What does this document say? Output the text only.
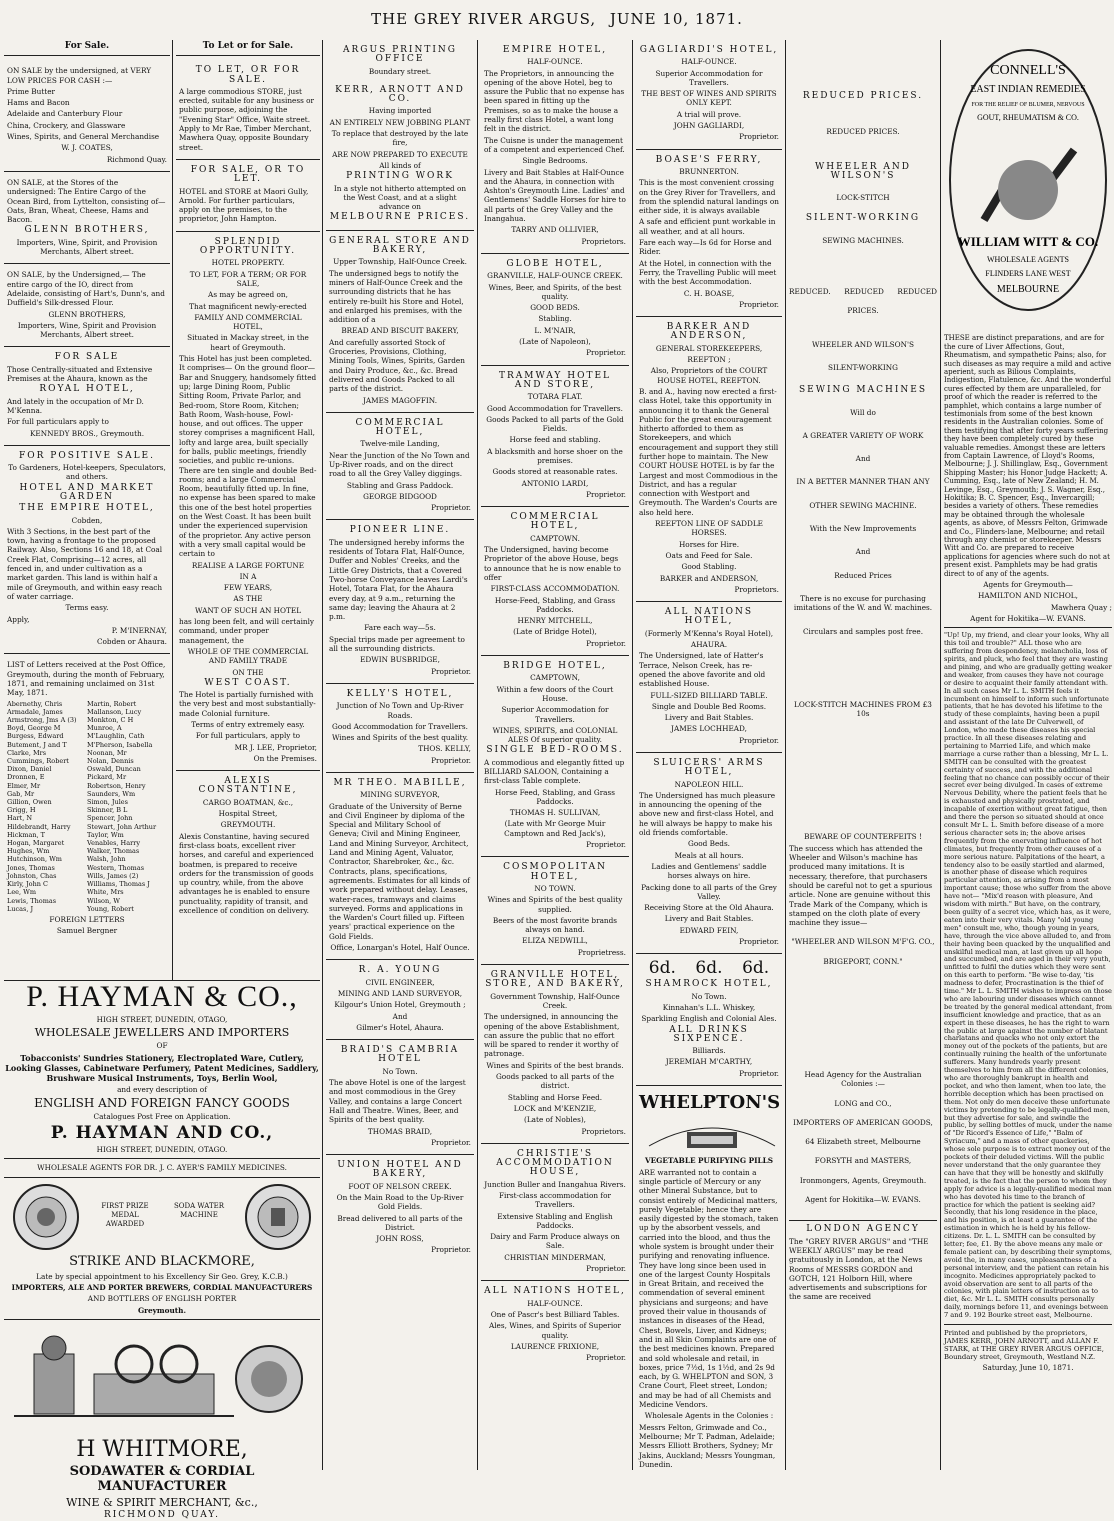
THE GREY RIVER ARGUS, JUNE 10, 1871.
For Sale.

ON SALE by the undersigned, at VERY LOW PRICES FOR CASH :—

Prime Butter

Hams and Bacon

Adelaide and Canterbury Flour

China, Crockery, and Glassware

Wines, Spirits, and General Merchandise

W. J. COATES,

Richmond Quay.

ON SALE, at the Stores of the undersigned: The Entire Cargo of the Ocean Bird, from Lyttelton, consisting of— Oats, Bran, Wheat, Cheese, Hams and Bacon.

GLENN BROTHERS,

Importers, Wine, Spirit, and Provision Merchants, Albert street.

ON SALE, by the Undersigned,— The entire cargo of the IO, direct from Adelaide, consisting of Hart's, Dunn's, and Duffield's Silk-dressed Flour.

GLENN BROTHERS,

Importers, Wine, Spirit and Provision Merchants, Albert street.

FOR SALE

Those Centrally-situated and Extensive Premises at the Ahaura, known as the

ROYAL HOTEL,

And lately in the occupation of Mr D. M'Kenna.

For full particulars apply to

KENNEDY BROS., Greymouth.

FOR POSITIVE SALE.

To Gardeners, Hotel-keepers, Speculators, and others.

HOTEL AND MARKET GARDEN

THE EMPIRE HOTEL,

Cobden,

With 3 Sections, in the best part of the town, having a frontage to the proposed Railway. Also, Sections 16 and 18, at Coal Creek Flat, Comprising—12 acres, all fenced in, and under cultivation as a market garden. This land is within half a mile of Greymouth, and within easy reach of water carriage.

Terms easy.

Apply,

P. M'INERNAY,

Cobden or Ahaura.

LIST of Letters received at the Post Office, Greymouth, during the month of February, 1871, and remaining unclaimed on 31st May, 1871.

Abernethy, Chris
Armadale, James
Armstrong, Jms A (3)
Boyd, George M
Burgess, Edward
Butement, J and T
Clarke, Mrs
Cummings, Robert
Dixon, Daniel
Dronnen, E
Elmer, Mr
Gab, Mr
Gillion, Owen
Grigg, H
Hart, N
Hildebrandt, Harry
Hickman, T
Hogan, Margaret
Hughes, Wm
Hutchinson, Wm
Jones, Thomas
Johnston, Chas
Kirly, John C
Lee, Wm
Lewis, Thomas
Lucas, J
Martin, Robert
Mallanson, Lucy
Monkton, C H
Munroe, A
M'Laughlin, Cath
M'Pherson, Isabella
Noonan, Mr
Nolan, Dennis
Oswald, Duncan
Pickard, Mr
Robertson, Henry
Saunders, Wm
Simon, Jules
Skinner, B L
Spencer, John
Stewart, John Arthur
Taylor, Wm
Venables, Harry
Walker, Thomas
Walsh, John
Western, Thomas
Wills, James (2)
Williams, Thomas J
White, Mrs
Wilson, W
Young, Robert

FOREIGN LETTERS

Samuel Bergner

To Let or for Sale.

TO LET, OR FOR SALE.

A large commodious STORE, just erected, suitable for any business or public purpose, adjoining the "Evening Star" Office, Waite street. Apply to Mr Rae, Timber Merchant, Mawhera Quay, opposite Boundary street.

FOR SALE, OR TO LET.

HOTEL and STORE at Maori Gully, Arnold. For further particulars, apply on the premises, to the proprietor, John Hampton.

SPLENDID OPPORTUNITY.

HOTEL PROPERTY.

TO LET, FOR A TERM; OR FOR SALE,

As may be agreed on,

That magnificent newly-erected

FAMILY AND COMMERCIAL HOTEL,

Situated in Mackay street, in the heart of Greymouth.

This Hotel has just been completed. It comprises— On the ground floor—Bar and Snuggery, handsomely fitted up; large Dining Room, Public Sitting Room, Private Parlor, and Bed-room, Store Room, Kitchen; Bath Room, Wash-house, Fowl-house, and out offices. The upper storey comprises a magnificent Hall, lofty and large area, built specially for balls, public meetings, friendly societies, and public re-unions. There are ten single and double Bed-rooms; and a large Commercial Room, beautifully fitted up. In fine, no expense has been spared to make this one of the best hotel properties on the West Coast. It has been built under the experienced supervision of the proprietor. Any active person with a very small capital would be certain to

REALISE A LARGE FORTUNE

IN A

FEW YEARS,

AS THE

WANT OF SUCH AN HOTEL

has long been felt, and will certainly command, under proper management, the

WHOLE OF THE COMMERCIAL AND FAMILY TRADE

ON THE

WEST COAST.

The Hotel is partially furnished with the very best and most substantially-made Colonial furniture.

Terms of entry extremely easy.

For full particulars, apply to

MR J. LEE, Proprietor,

On the Premises.

ALEXIS CONSTANTINE,

CARGO BOATMAN, &c.,

Hospital Street,

GREYMOUTH.

Alexis Constantine, having secured first-class boats, excellent river horses, and careful and experienced boatmen, is prepared to receive orders for the transmission of goods up country, while, from the above advantages he is enabled to ensure punctuality, rapidity of transit, and excellence of condition on delivery.

P. HAYMAN & CO.,

HIGH STREET, DUNEDIN, OTAGO,

WHOLESALE JEWELLERS AND IMPORTERS

OF

Tobacconists' Sundries Stationery, Electroplated Ware, Cutlery, Looking Glasses, Cabinetware Perfumery, Patent Medicines, Saddlery, Brushware Musical Instruments, Toys, Berlin Wool,

and every description of

ENGLISH AND FOREIGN FANCY GOODS

Catalogues Post Free on Application.

P. HAYMAN AND CO.,

HIGH STREET, DUNEDIN, OTAGO.

WHOLESALE AGENTS FOR DR. J. C. AYER'S FAMILY MEDICINES.

FIRST PRIZE MEDAL AWARDED
SODA WATER MACHINE

STRIKE AND BLACKMORE,

Late by special appointment to his Excellency Sir Geo. Grey, K.C.B.)

IMPORTERS, ALE AND PORTER BREWERS, CORDIAL MANUFACTURERS

AND BOTTLERS OF ENGLISH PORTER

Greymouth.

H WHITMORE,

SODAWATER & CORDIAL MANUFACTURER

WINE & SPIRIT MERCHANT, &c.,

RICHMOND QUAY.

ARGUS PRINTING OFFICE

Boundary street.

KERR, ARNOTT AND CO.

Having imported

AN ENTIRELY NEW JOBBING PLANT

To replace that destroyed by the late fire,

ARE NOW PREPARED TO EXECUTE

All kinds of

PRINTING WORK

In a style not hitherto attempted on the West Coast, and at a slight advance on

MELBOURNE PRICES.

GENERAL STORE AND BAKERY,

Upper Township, Half-Ounce Creek.

The undersigned begs to notify the miners of Half-Ounce Creek and the surrounding districts that he has entirely re-built his Store and Hotel, and enlarged his premises, with the addition of a

BREAD AND BISCUIT BAKERY,

And carefully assorted Stock of Groceries, Provisions, Clothing, Mining Tools, Wines, Spirits, Garden and Dairy Produce, &c., &c. Bread delivered and Goods Packed to all parts of the district.

JAMES MAGOFFIN.

COMMERCIAL HOTEL,

Twelve-mile Landing,

Near the Junction of the No Town and Up-River roads, and on the direct road to all the Grey Valley diggings.

Stabling and Grass Paddock.

GEORGE BIDGOOD

Proprietor.

PIONEER LINE.

The undersigned hereby informs the residents of Totara Flat, Half-Ounce, Duffer and Nobles' Creeks, and the Little Grey Districts, that a Covered Two-horse Conveyance leaves Lardi's Hotel, Totara Flat, for the Ahaura every day, at 9 a.m., returning the same day; leaving the Ahaura at 2 p.m.

Fare each way—5s.

Special trips made per agreement to all the surrounding districts.

EDWIN BUSBRIDGE,

Proprietor.

KELLY'S HOTEL,

Junction of No Town and Up-River Roads.

Good Accommodation for Travellers.

Wines and Spirits of the best quality.

THOS. KELLY,

Proprietor.

MR THEO. MABILLE,

MINING SURVEYOR,

Graduate of the University of Berne and Civil Engineer by diploma of the Special and Military School of Geneva; Civil and Mining Engineer, Land and Mining Surveyor, Architect, Land and Mining Agent, Valuator, Contractor, Sharebroker, &c., &c. Contracts, plans, specifications, agreements. Estimates for all kinds of work prepared without delay. Leases, water-races, tramways and claims surveyed. Forms and applications in the Warden's Court filled up. Fifteen years' practical experience on the Gold Fields.

Office, Lonargan's Hotel, Half Ounce.

R. A. YOUNG

CIVIL ENGINEER,

MINING AND LAND SURVEYOR,

Kilgour's Union Hotel, Greymouth ;

And

Gilmer's Hotel, Ahaura.

BRAID'S CAMBRIA HOTEL

No Town.

The above Hotel is one of the largest and most commodious in the Grey Valley, and contains a large Concert Hall and Theatre. Wines, Beer, and Spirits of the best quality.

THOMAS BRAID,

Proprietor.

UNION HOTEL AND BAKERY,

FOOT OF NELSON CREEK.

On the Main Road to the Up-River Gold Fields.

Bread delivered to all parts of the District.

JOHN ROSS,

Proprietor.

EMPIRE HOTEL,

HALF-OUNCE.

The Proprietors, in announcing the opening of the above Hotel, beg to assure the Public that no expense has been spared in fitting up the Premises, so as to make the house a really first class Hotel, a want long felt in the district.

The Cuisne is under the management of a competent and experienced Chef.

Single Bedrooms.

Livery and Bait Stables at Half-Ounce and the Ahaura, in connection with Ashton's Greymouth Line. Ladies' and Gentlemens' Saddle Horses for hire to all parts of the Grey Valley and the Inangahua.

TARRY AND OLLIVIER,

Proprietors.

GLOBE HOTEL,

GRANVILLE, HALF-OUNCE CREEK.

Wines, Beer, and Spirits, of the best quality.

GOOD BEDS.

Stabling.

L. M'NAIR,

(Late of Napoleon),

Proprietor.

TRAMWAY HOTEL AND STORE,

TOTARA FLAT.

Good Accommodation for Travellers.

Goods Packed to all parts of the Gold Fields.

Horse feed and stabling.

A blacksmith and horse shoer on the premises.

Goods stored at reasonable rates.

ANTONIO LARDI,

Proprietor.

COMMERCIAL HOTEL,

CAMPTOWN.

The Undersigned, having become Proprietor of the above House, begs to announce that he is now enable to offer

FIRST-CLASS ACCOMMODATION.

Horse-Feed, Stabling, and Grass Paddocks.

HENRY MITCHELL,

(Late of Bridge Hotel),

Proprietor.

BRIDGE HOTEL,

CAMPTOWN,

Within a few doors of the Court House.

Superior Accommodation for Travellers.

WINES, SPIRITS, and COLONIAL ALES Of superior quality.

SINGLE BED-ROOMS.

A commodious and elegantly fitted up BILLIARD SALOON, Containing a first-class Table complete.

Horse Feed, Stabling, and Grass Paddocks.

THOMAS H. SULLIVAN,

(Late with Mr George Muir Camptown and Red Jack's),

Proprietor.

COSMOPOLITAN HOTEL,

NO TOWN.

Wines and Spirits of the best quality supplied.

Beers of the most favorite brands always on hand.

ELIZA NEDWILL,

Proprietress.

GRANVILLE HOTEL, STORE, AND BAKERY,

Government Township, Half-Ounce Creek.

The undersigned, in announcing the opening of the above Establishment, can assure the public that no effort will be spared to render it worthy of patronage.

Wines and Spirits of the best brands.

Goods packed to all parts of the district.

Stabling and Horse Feed.

LOCK and M'KENZIE,

(Late of Nobles),

Proprietors.

CHRISTIE'S ACCOMMODATION HOUSE,

Junction Buller and Inangahua Rivers.

First-class accommodation for Travellers.

Extensive Stabling and English Paddocks.

Dairy and Farm Produce always on Sale.

CHRISTIAN MINDERMAN,

Proprietor.

ALL NATIONS HOTEL,

HALF-OUNCE.

One of Pascr's best Billiard Tables.

Ales, Wines, and Spirits of Superior quality.

LAURENCE FRIXIONE,

Proprietor.

GAGLIARDI'S HOTEL,

HALF-OUNCE.

Superior Accommodation for Travellers.

THE BEST OF WINES AND SPIRITS ONLY KEPT.

A trial will prove.

JOHN GAGLIARDI,

Proprietor.

BOASE'S FERRY,

BRUNNERTON.

This is the most convenient crossing on the Grey River for Travellers, and from the splendid natural landings on either side, it is always available

A safe and efficient punt workable in all weather, and at all hours.

Fare each way—Is 6d for Horse and Rider.

At the Hotel, in connection with the Ferry, the Travelling Public will meet with the best Accommodation.

C. H. BOASE,

Proprietor.

BARKER AND ANDERSON,

GENERAL STOREKEEPERS,

REEFTON ;

Also, Proprietors of the COURT HOUSE HOTEL, REEFTON.

B. and A., having now erected a first-class Hotel, take this opportunity in announcing it to thank the General Public for the great encouragement hitherto afforded to them as Storekeepers, and which encouragement and support they still further hope to maintain. The New COURT HOUSE HOTEL is by far the Largest and most Commodious in the District, and has a regular connection with Westport and Greymouth. The Warden's Courts are also held here.

REEFTON LINE OF SADDLE HORSES.

Horses for Hire.

Oats and Feed for Sale.

Good Stabling.

BARKER and ANDERSON,

Proprietors.

ALL NATIONS HOTEL,

(Formerly M'Kenna's Royal Hotel),

AHAURA.

The Undersigned, late of Hatter's Terrace, Nelson Creek, has re-opened the above favorite and old established House.

FULL-SIZED BILLIARD TABLE.

Single and Double Bed Rooms.

Livery and Bait Stables.

JAMES LOCHHEAD,

Proprietor.

SLUICERS' ARMS HOTEL,

NAPOLEON HILL.

The Undersigned has much pleasure in announcing the opening of the above new and first-class Hotel, and he will always be happy to make his old friends comfortable.

Good Beds.

Meals at all hours.

Ladies and Gentlemens' saddle horses always on hire.

Packing done to all parts of the Grey Valley.

Receiving Store at the Old Ahaura.

Livery and Bait Stables.

EDWARD FEIN,

Proprietor.

6d. 6d. 6d.

SHAMROCK HOTEL,

No Town.

Kinnahan's L.L. Whiskey,

Sparkling English and Colonial Ales.

ALL DRINKS SIXPENCE.

Billiards.

JEREMIAH M'CARTHY,

Proprietor.

WHELPTON'S

VEGETABLE PURIFYING PILLS

ARE warranted not to contain a single particle of Mercury or any other Mineral Substance, but to consist entirely of Medicinal matters, purely Vegetable; hence they are easily digested by the stomach, taken up by the absorbent vessels, and carried into the blood, and thus the whole system is brought under their purifying and renovating influence. They have long since been used in one of the largest County Hospitals in Great Britain, and received the commendation of several eminent physicians and surgeons; and have proved their value in thousands of instances in diseases of the Head, Chest, Bowels, Liver, and Kidneys; and in all Skin Complaints are one of the best medicines known. Prepared and sold wholesale and retail, in boxes, price 7½d, 1s 1½d, and 2s 9d each, by G. WHELPTON and SON, 3 Crane Court, Fleet street, London; and may be had of all Chemists and Medicine Vendors.

Wholesale Agents in the Colonies :

Messrs Felton, Grimwade and Co., Melbourne; Mr T. Padman, Adelaide; Messrs Elliott Brothers, Sydney; Mr Jakins, Auckland; Messrs Youngman, Dunedin.

REDUCED PRICES.

REDUCED PRICES.

WHEELER AND WILSON'S

LOCK-STITCH

SILENT-WORKING

SEWING MACHINES.

REDUCED. REDUCED REDUCED

PRICES.

WHEELER AND WILSON'S

SILENT-WORKING

SEWING MACHINES

Will do

A GREATER VARIETY OF WORK

And

IN A BETTER MANNER THAN ANY

OTHER SEWING MACHINE.

With the New Improvements

And

Reduced Prices

There is no excuse for purchasing imitations of the W. and W. machines.

Circulars and samples post free.

LOCK-STITCH MACHINES FROM £3 10s

BEWARE OF COUNTERFEITS !

The success which has attended the Wheeler and Wilson's machine has produced many imitations. It is necessary, therefore, that purchasers should be careful not to get a spurious article. None are genuine without this Trade Mark of the Company, which is stamped on the cloth plate of every machine they issue—

"WHEELER AND WILSON M'F'G. CO.,

BRIGEPORT, CONN."

Head Agency for the Australian Colonies :—

LONG and CO.,

IMPORTERS OF AMERICAN GOODS,

64 Elizabeth street, Melbourne

FORSYTH and MASTERS,

Ironmongers, Agents, Greymouth.

Agent for Hokitika—W. EVANS.

LONDON AGENCY

The "GREY RIVER ARGUS" and "THE WEEKLY ARGUS" may be read gratuitously in London, at the News Rooms of MESSRS GORDON and GOTCH, 121 Holborn Hill, where advertisements and subscriptions for the same are received

CONNELL'S
EAST INDIAN REMEDIES
FOR THE RELIEF OF BLUMER, NERVOUS
GOUT, RHEUMATISM & CO.
WILLIAM WITT & CO.
WHOLESALE AGENTS
FLINDERS LANE WEST
MELBOURNE

THESE are distinct preparations, and are for the cure of Liver Affections, Gout, Rheumatism, and sympathetic Pains; also, for such diseases as may require a mild and active aperient, such as Bilious Complaints, Indigestion, Flatulence, &c. And the wonderful cures effected by them are unparalleled, for proof of which the reader is referred to the pamphlet, which contains a large number of testimonials from some of the best known residents in the Australian colonies. Some of them testifying that after forty years suffering they have been completely cured by these valuable remedies. Amongst these are letters from Captain Lawrence, of Lloyd's Rooms, Melbourne; J. J. Shillinglaw, Esq., Government Shipping Master; his Honor Judge Hackett; A. Cumming, Esq., late of New Zealand; H. M. Levinge, Esq., Greymouth; J. S. Wagner, Esq., Hokitika; B. C. Spencer, Esq., Invercargill; besides a variety of others. These remedies may be obtained through the wholesale agents, as above, of Messrs Felton, Grimwade and Co., Flinders-lane, Melbourne; and retail through any chemist or storekeeper. Messrs Witt and Co. are prepared to receive applications for agencies where such do not at present exist. Pamphlets may be had gratis direct to of any of the agents.

Agents for Greymouth—

HAMILTON AND NICHOL,

Mawhera Quay ;

Agent for Hokitika—W. EVANS.

"Up! Up, my friend, and clear your looks, Why all this toil and trouble?" ALL those who are suffering from despondency, melancholia, loss of spirits, and pluck, who feel that they are wasting and pining, and who are gradually getting weaker and weaker, from causes they have not courage or desire to acquaint their family attendant with. In all such cases Mr L. L. SMITH feels it incumbent on himself to inform such unfortunate patients, that he has devoted his lifetime to the study of these complaints, having been a pupil and assistant of the late Dr Culverwell, of London, who made these diseases his special practice. In all these diseases relating and pertaining to Married Life, and which make marriage a curse rather than a blessing, Mr L. L. SMITH can be consulted with the greatest certainty of success, and with the additional feeling that no chance can possibly occur of their secret ever being divulged. In cases of extreme Nervous Debility, where the patient feels that he is exhausted and physically prostrated, and incapable of exertion without great fatigue, then and there the person so situated should at once consult Mr L. L. Smith before disease of a more serious character sets in; the above arises frequently from the enervating influence of hot climates, but frequently from other causes of a more serious nature. Palpitations of the heart, a tendency also to be easily startled and alarmed, is another phase of disease which requires particular attention, as arising from a most important cause; those who suffer from the above have not— "Mix'd reason with pleasure, And wisdom with mirth." But have, on the contrary, been guilty of a secret vice, which has, as it were, eaten into their very vitals. Many "old young men" consult me, who, though young in years, have, through the vice above alluded to, and from their having been quacked by the unqualified and unskilful medical man, at last given up all hope and succumbed, and are aged in their very youth, unfitted to fulfil the duties which they were sent on this earth to perform. "Be wise to-day, 'tis madness to defer, Procrastination is the thief of time." Mr L. L. SMITH wishes to impress on those who are labouring under diseases which cannot be treated by the general medical attendant, from insufficient knowledge and practice, that as an expert in these diseases, he has the right to warn the public at large against the number of blatant charlatans and quacks who not only extort the money out of the pockets of the patients, but are continually ruining the health of the unfortunate sufferers. Many hundreds yearly present themselves to him from all the different colonies, who are thoroughly bankrupt in health and pocket, and who then lament, when too late, the horrible deception which has been practised on them. Not only do men deceive these unfortunate victims by pretending to be legally-qualified men, but they advertise for sale, and swindle the public, by selling bottles of muck, under the name of "Dr Ricord's Essence of Life," "Balm of Syriacum," and a mass of other quackeries, whose sole purpose is to extract money out of the pockets of their deluded victims. Will the public never understand that the only guarantee they can have that they will be honestly and skilfully treated, is the fact that the person to whom they apply for advice is a legally-qualified medical man who has devoted his time to the branch of practice for which the patient is seeking aid? Secondly, that his long residence in the place, and his position, is at least a guarantee of the estimation in which he is held by his fellow-citizens. Dr. L. L. SMITH can be consulted by letter; fee, £1. By the above means any male or female patient can, by describing their symptoms, avoid the, in many cases, unpleasantness of a personal interview, and the patient can retain his incognito. Medicines appropriately packed to avoid observation are sent to all parts of the colonies, with plain letters of instruction as to diet, &c. Mr L. L. SMITH consults personally daily, mornings before 11, and evenings between 7 and 9. 192 Bourke street east, Melbourne.

Printed and published by the proprietors, JAMES KERR, JOHN ARNOTT, and ALLAN F. STARK, at THE GREY RIVER ARGUS OFFICE, Boundary street, Greymouth, Westland N.Z.

Saturday, June 10, 1871.
